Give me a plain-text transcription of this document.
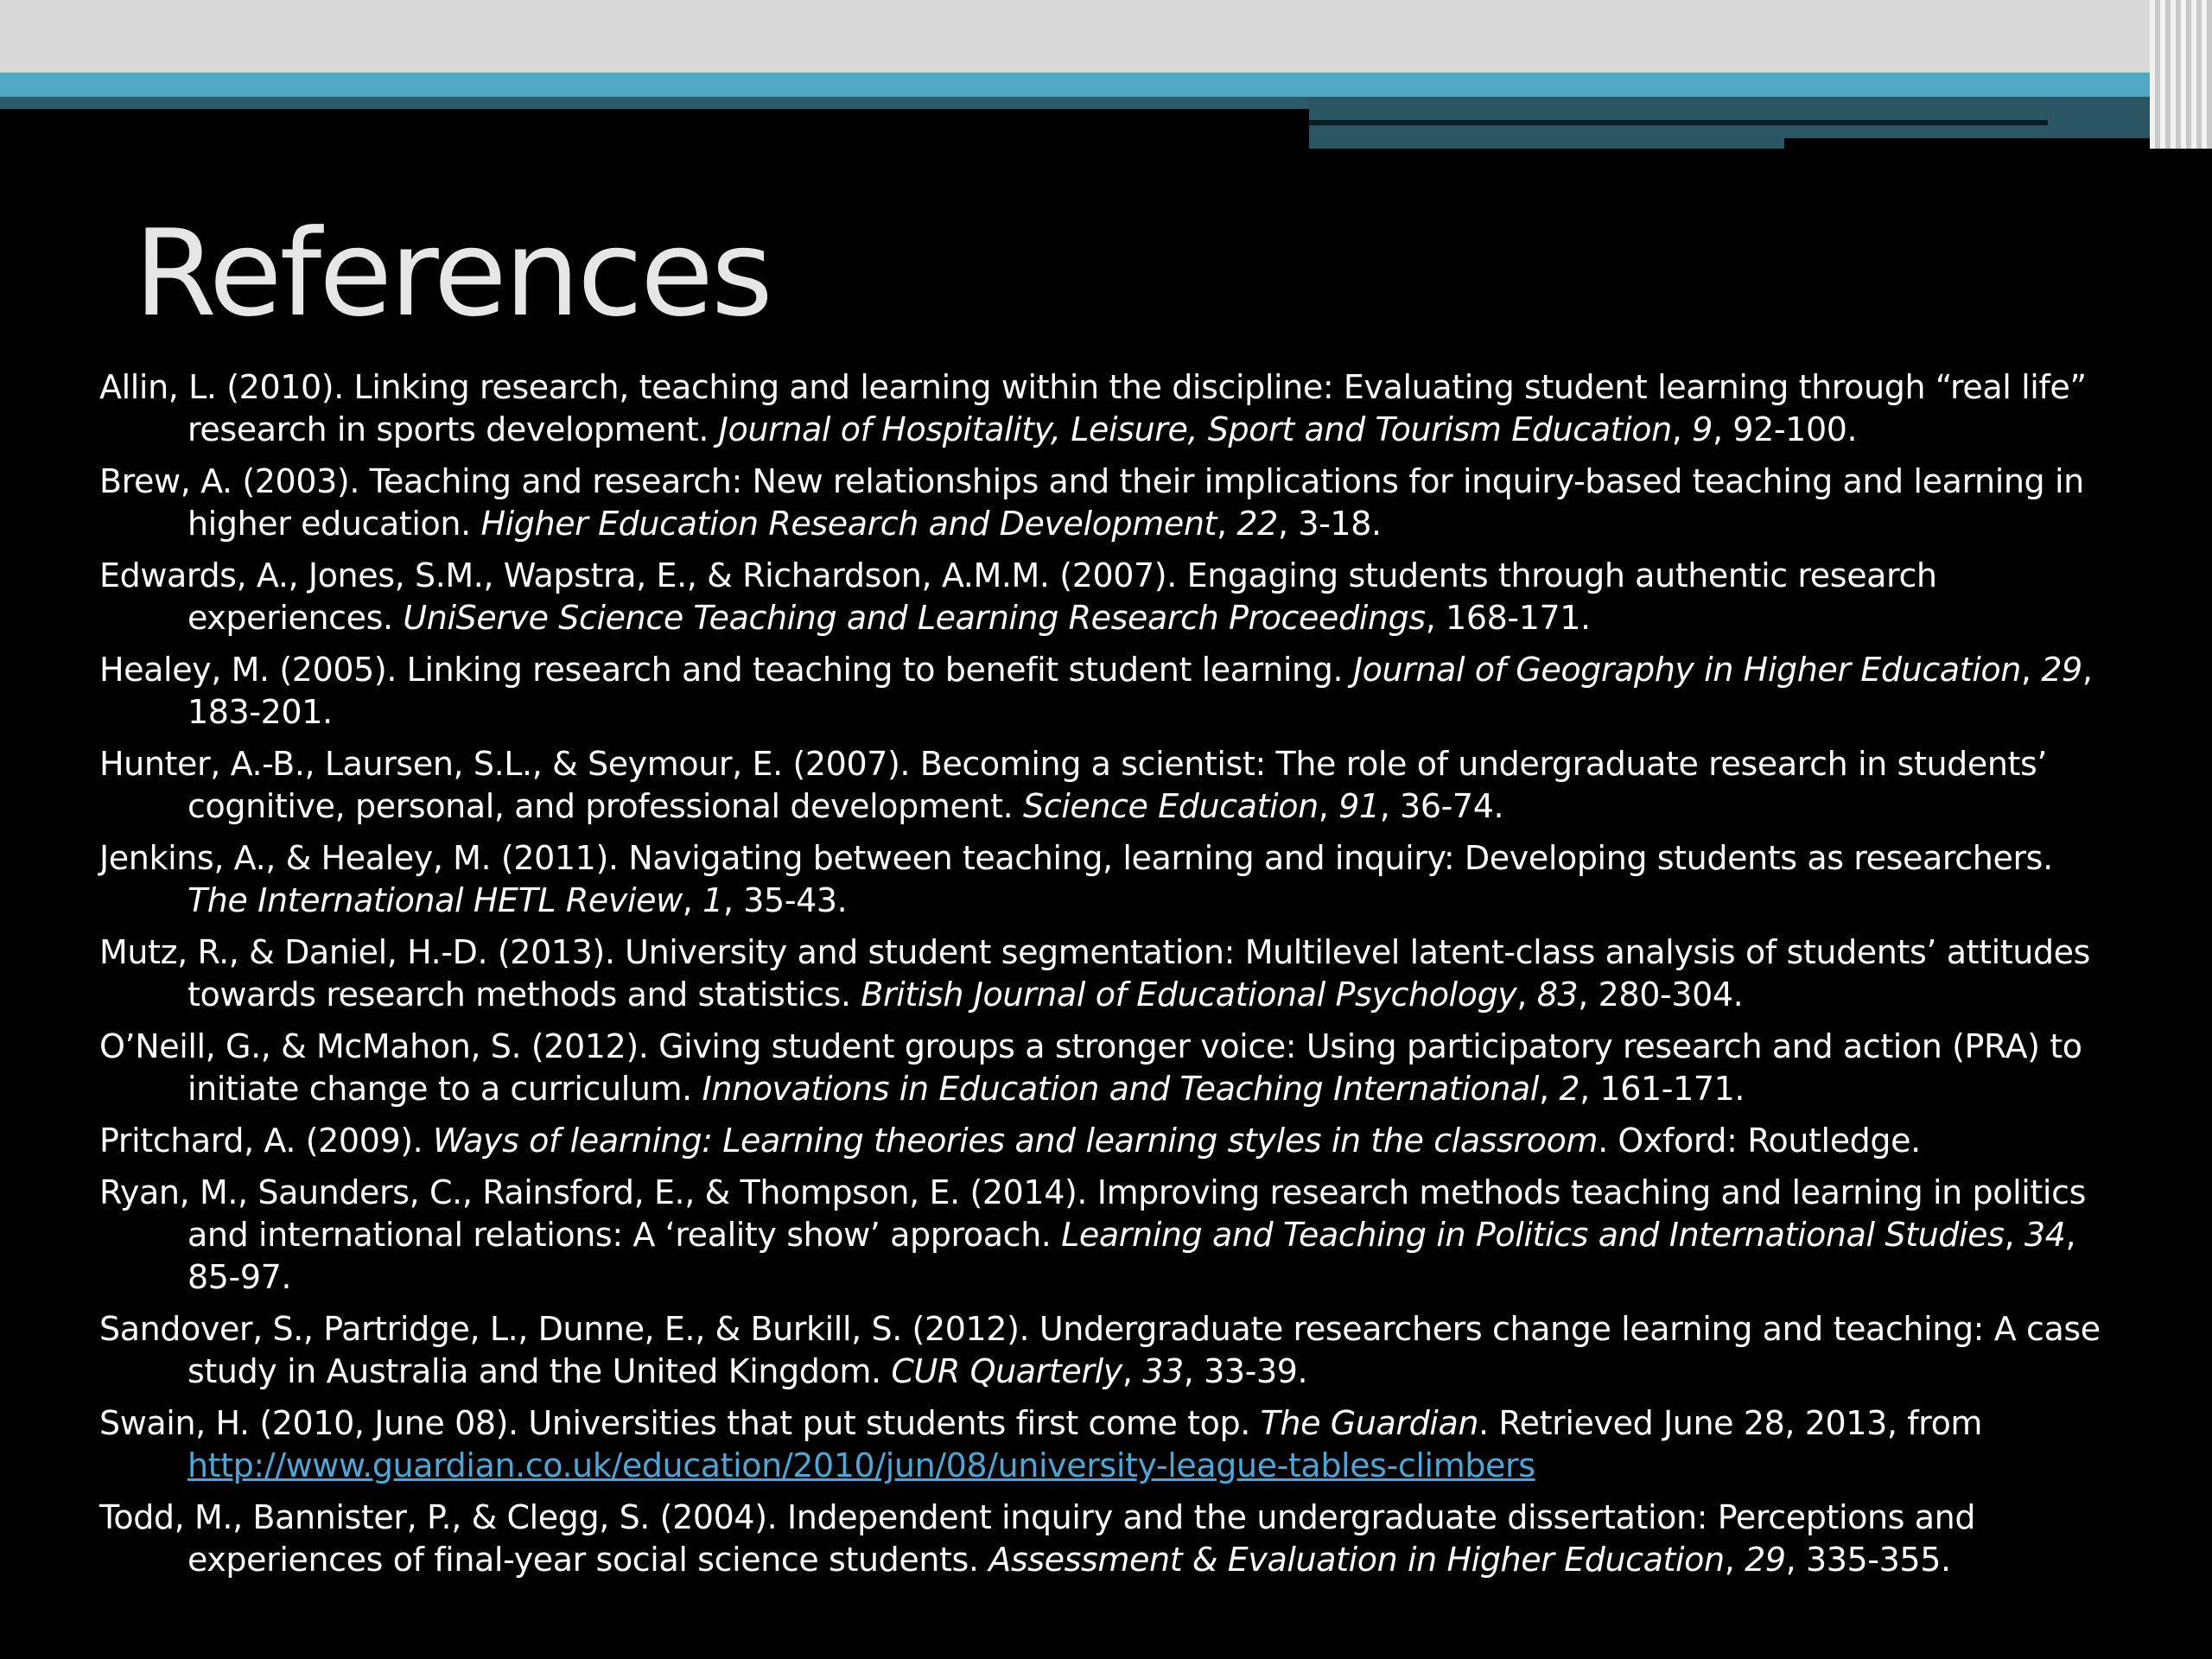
References
Allin, L. (2010). Linking research, teaching and learning within the discipline: Evaluating student learning through “real life” research in sports development. Journal of Hospitality, Leisure, Sport and Tourism Education, 9, 92-100.
Brew, A. (2003). Teaching and research: New relationships and their implications for inquiry-based teaching and learning in higher education. Higher Education Research and Development, 22, 3-18.
Edwards, A., Jones, S.M., Wapstra, E., & Richardson, A.M.M. (2007). Engaging students through authentic research experiences. UniServe Science Teaching and Learning Research Proceedings, 168-171.
Healey, M. (2005). Linking research and teaching to benefit student learning. Journal of Geography in Higher Education, 29, 183-201.
Hunter, A.-B., Laursen, S.L., & Seymour, E. (2007). Becoming a scientist: The role of undergraduate research in students’ cognitive, personal, and professional development. Science Education, 91, 36-74.
Jenkins, A., & Healey, M. (2011). Navigating between teaching, learning and inquiry: Developing students as researchers. The International HETL Review, 1, 35-43.
Mutz, R., & Daniel, H.-D. (2013). University and student segmentation: Multilevel latent-class analysis of students’ attitudes towards research methods and statistics. British Journal of Educational Psychology, 83, 280-304.
O’Neill, G., & McMahon, S. (2012). Giving student groups a stronger voice: Using participatory research and action (PRA) to initiate change to a curriculum. Innovations in Education and Teaching International, 2, 161-171.
Pritchard, A. (2009). Ways of learning: Learning theories and learning styles in the classroom. Oxford: Routledge.
Ryan, M., Saunders, C., Rainsford, E., & Thompson, E. (2014). Improving research methods teaching and learning in politics and international relations: A ‘reality show’ approach. Learning and Teaching in Politics and International Studies, 34, 85-97.
Sandover, S., Partridge, L., Dunne, E., & Burkill, S. (2012). Undergraduate researchers change learning and teaching: A case study in Australia and the United Kingdom. CUR Quarterly, 33, 33-39.
Swain, H. (2010, June 08). Universities that put students first come top. The Guardian. Retrieved June 28, 2013, from http://www.guardian.co.uk/education/2010/jun/08/university-league-tables-climbers
Todd, M., Bannister, P., & Clegg, S. (2004). Independent inquiry and the undergraduate dissertation: Perceptions and experiences of final-year social science students. Assessment & Evaluation in Higher Education, 29, 335-355.
